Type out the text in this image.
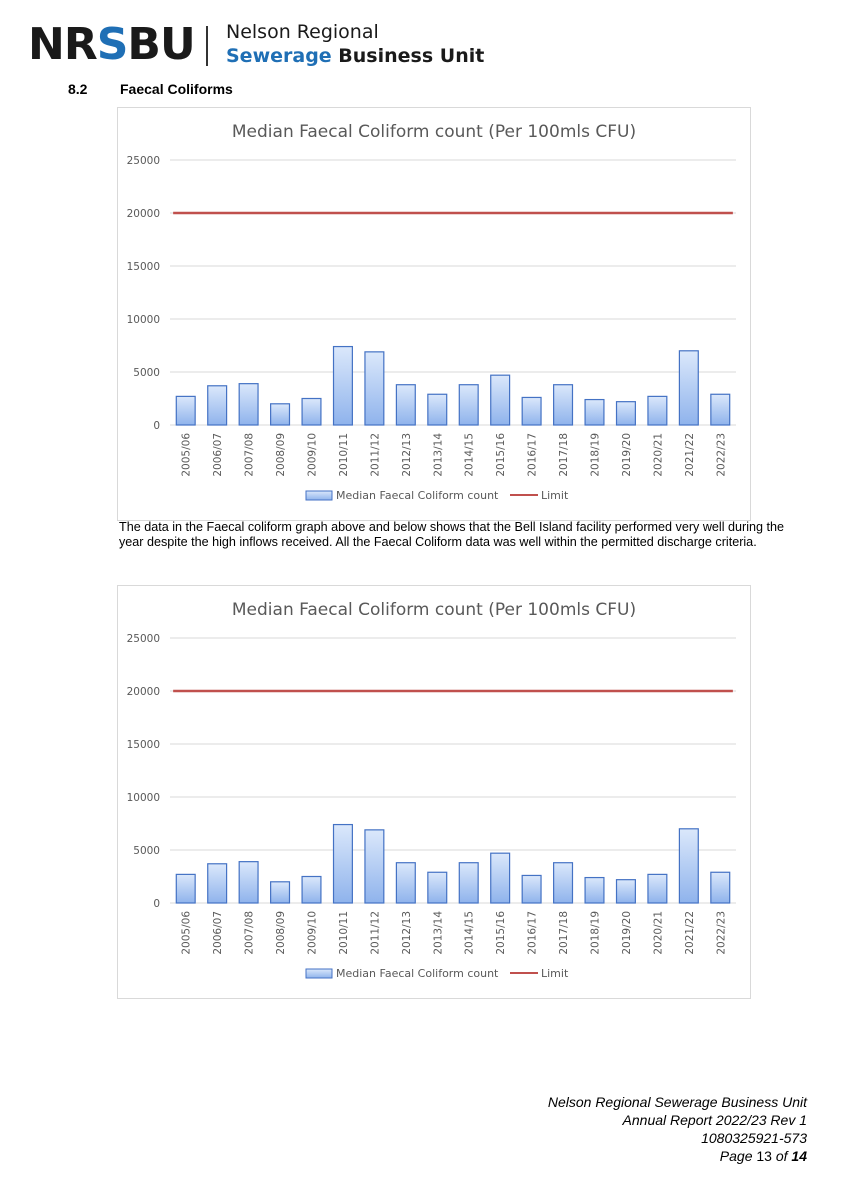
NRSBU Nelson Regional
Sewerage Business Unit
8.2 Faecal Coliforms
Median Faecal Coliform count (Per 100mls CFU)
0
5000
10000
15000
20000
25000
2005/06 2006/07 2007/08 2008/09 2009/10 2010/11 2011/12 2012/13 2013/14 2014/15 2015/16 2016/17 2017/18 2018/19 2019/20 2020/21 2021/22 2022/23
Median Faecal Coliform count	Limit
The data in the Faecal coliform graph above and below shows that the Bell Island facility performed very well during the year despite the high inflows received. All the Faecal Coliform data was well within the permitted discharge criteria.
Median Faecal Coliform count (Per 100mls CFU)
0
5000
10000
15000
20000
25000
2005/06 2006/07 2007/08 2008/09 2009/10 2010/11 2011/12 2012/13 2013/14 2014/15 2015/16 2016/17 2017/18 2018/19 2019/20 2020/21 2021/22 2022/23
Median Faecal Coliform count	Limit
Nelson Regional Sewerage Business Unit
Annual Report 2022/23 Rev 1
1080325921-573
Page 13 of 14
